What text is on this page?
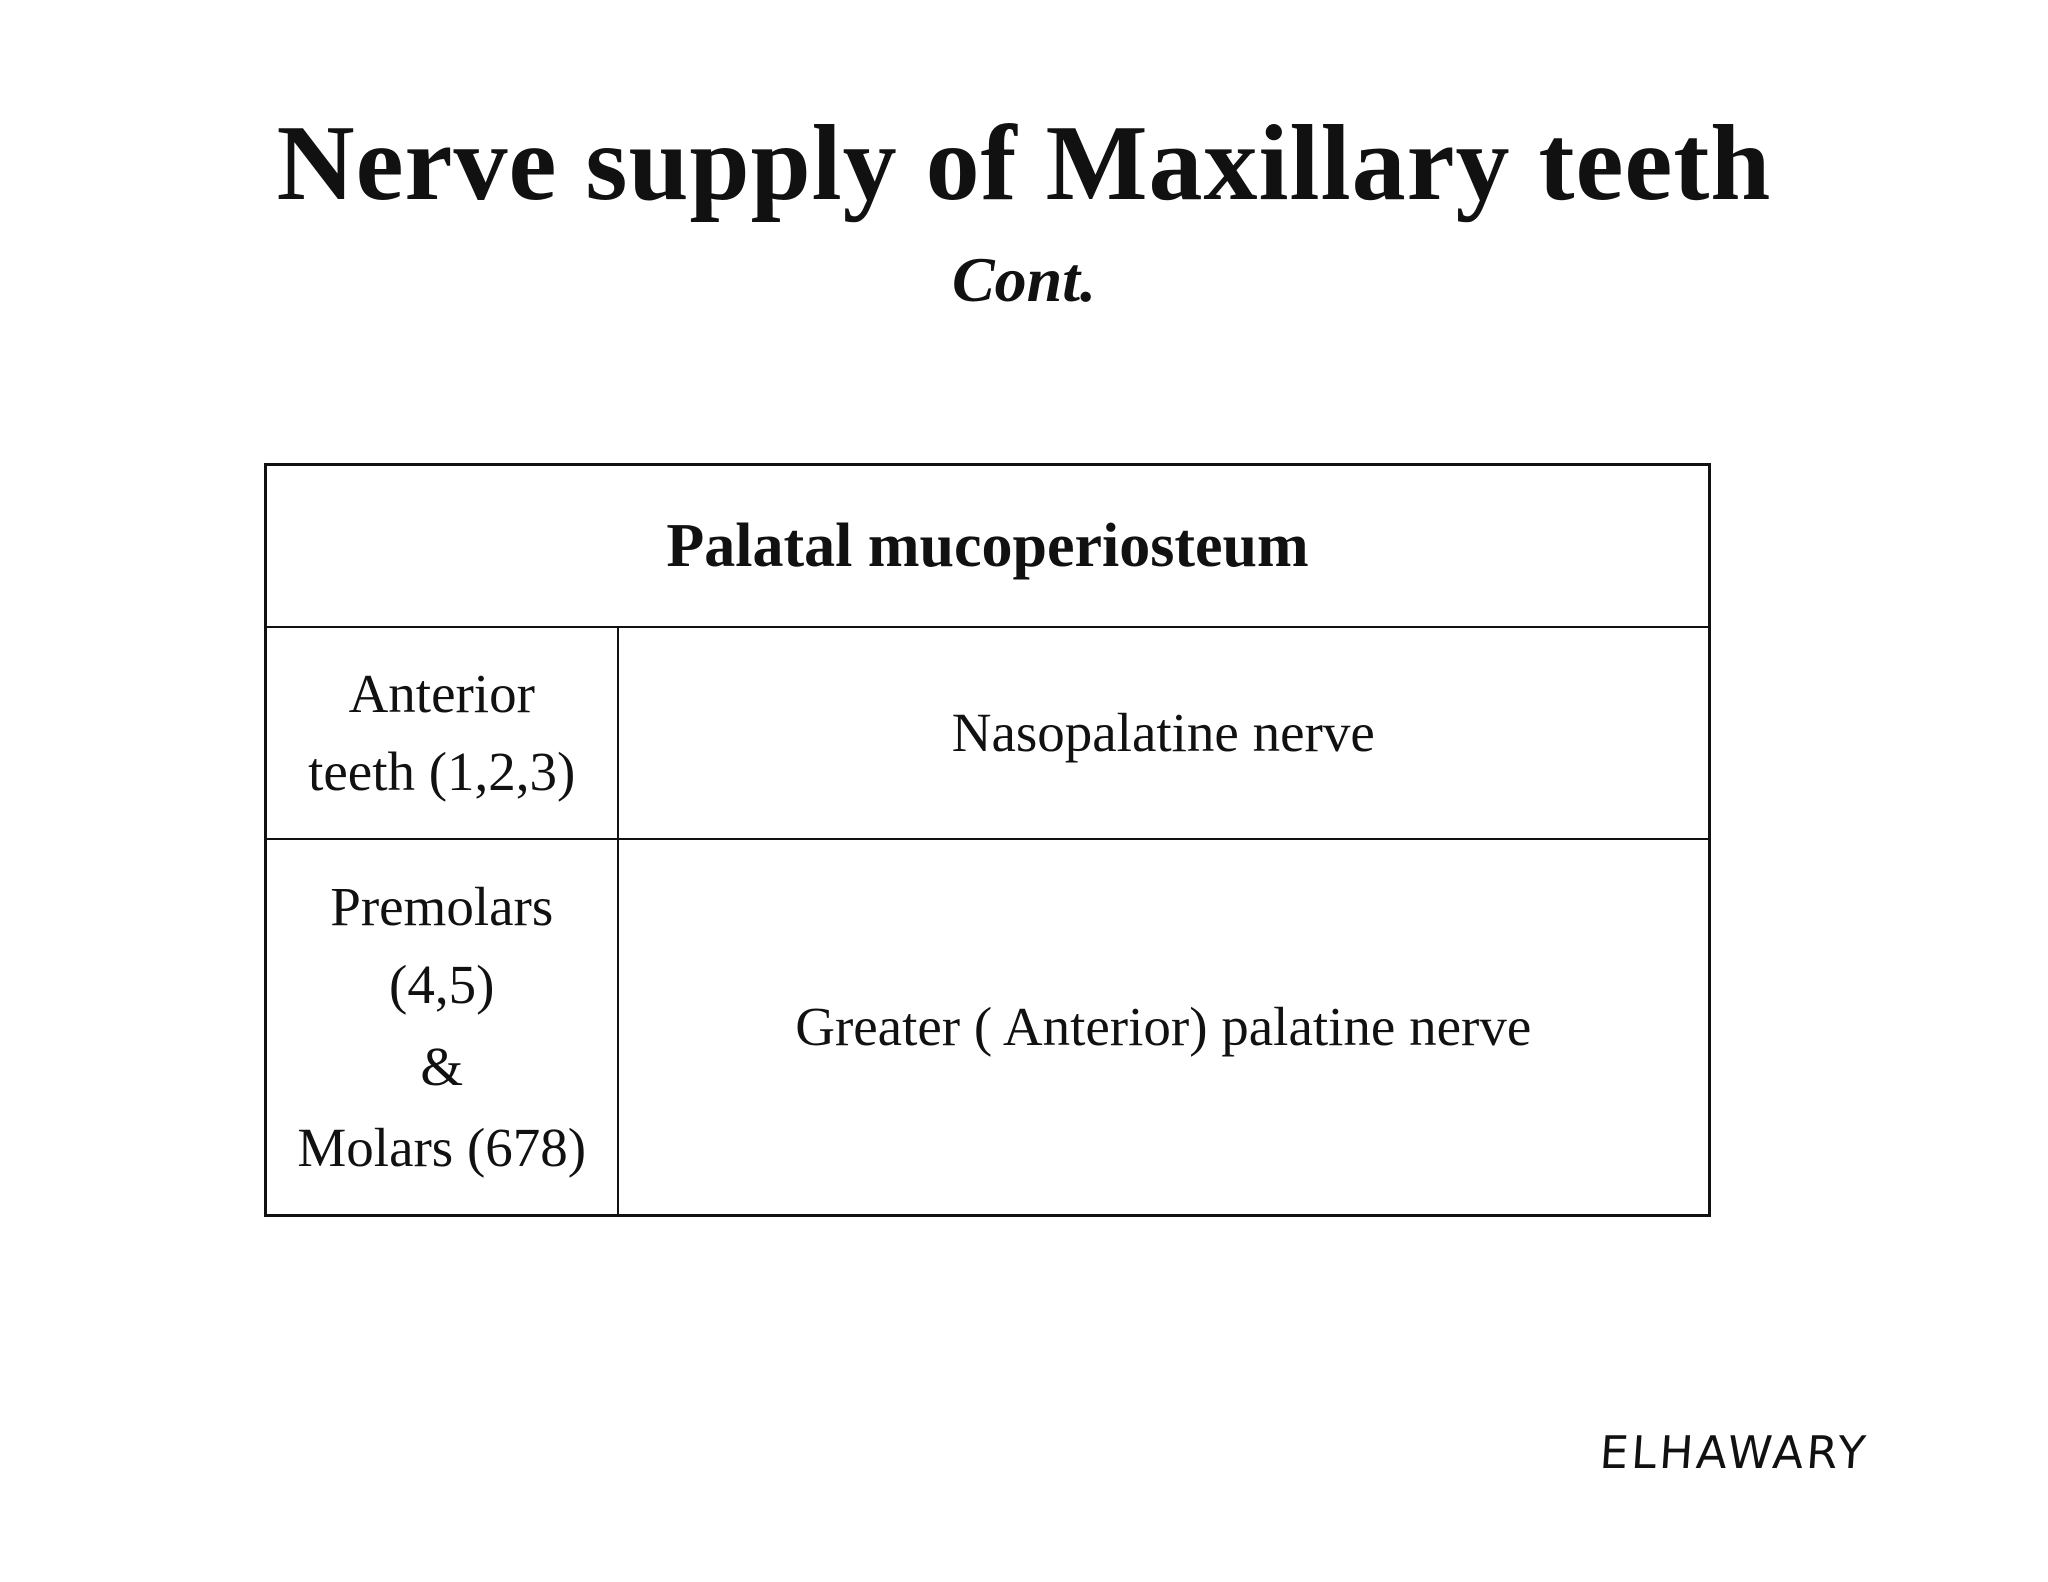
Nerve supply of Maxillary teeth
Cont.
Palatal mucoperiosteum	

Anterior
teeth (1,2,3)	Nasopalatine nerve

Premolars
(4,5)
&
Molars (678)	Greater ( Anterior) palatine nerve
ELHAWARY
